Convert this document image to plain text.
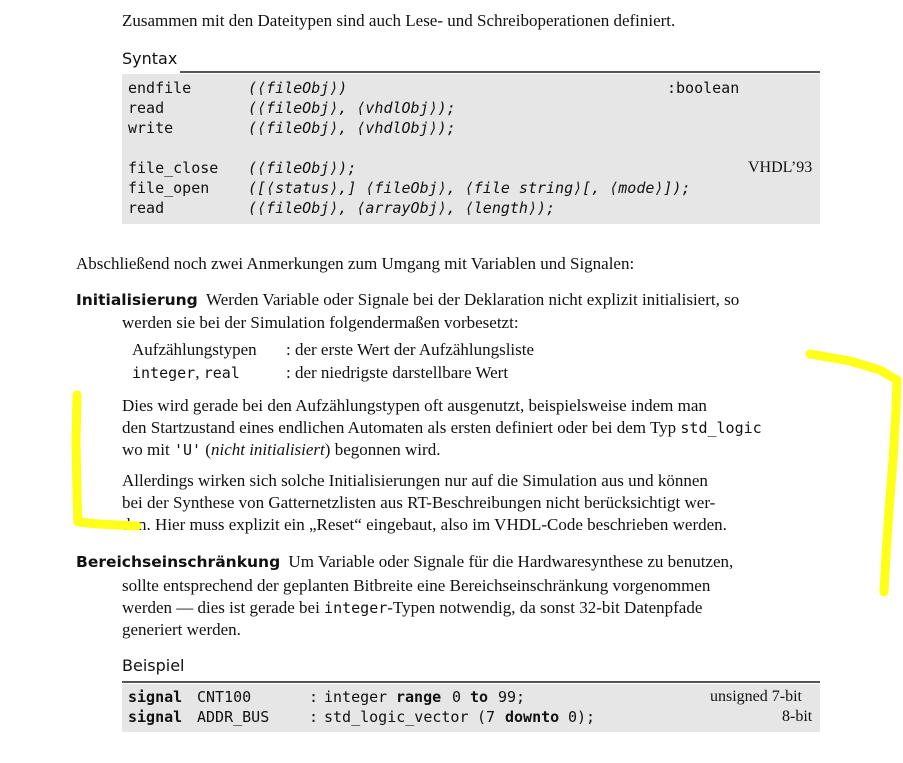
Zusammen mit den Dateitypen sind auch Lese- und Schreiboperationen definiert.
Syntax
endfile	(⟨fileObj⟩)	:boolean
read	(⟨fileObj⟩, ⟨vhdlObj⟩);
write	(⟨fileObj⟩, ⟨vhdlObj⟩);
file_close (⟨fileObj⟩);	VHDL’93
file_open	([⟨status⟩,] ⟨fileObj⟩, ⟨file string⟩[, ⟨mode⟩]);
read	(⟨fileObj⟩, ⟨arrayObj⟩, ⟨length⟩);
Abschließend noch zwei Anmerkungen zum Umgang mit Variablen und Signalen:
Initialisierung Werden Variable oder Signale bei der Deklaration nicht explizit initialisiert, so
werden sie bei der Simulation folgendermaßen vorbesetzt:
Aufzählungstypen : der erste Wert der Aufzählungsliste
integer, real	: der niedrigste darstellbare Wert
Dies wird gerade bei den Aufzählungstypen oft ausgenutzt, beispielsweise indem man
den Startzustand eines endlichen Automaten als ersten definiert oder bei dem Typ std_logic
wo mit 'U' (nicht initialisiert) begonnen wird.
Allerdings wirken sich solche Initialisierungen nur auf die Simulation aus und können
bei der Synthese von Gatternetzlisten aus RT-Beschreibungen nicht berücksichtigt wer-
den. Hier muss explizit ein „Reset“ eingebaut, also im VHDL-Code beschrieben werden.
Bereichseinschränkung Um Variable oder Signale für die Hardwaresynthese zu benutzen,
sollte entsprechend der geplanten Bitbreite eine Bereichseinschränkung vorgenommen
werden — dies ist gerade bei integer-Typen notwendig, da sonst 32-bit Datenpfade
generiert werden.
Beispiel
signal CNT100	: integer range 0 to 99;	unsigned 7-bit
signal ADDR_BUS	: std_logic_vector (7 downto 0);	8-bit
